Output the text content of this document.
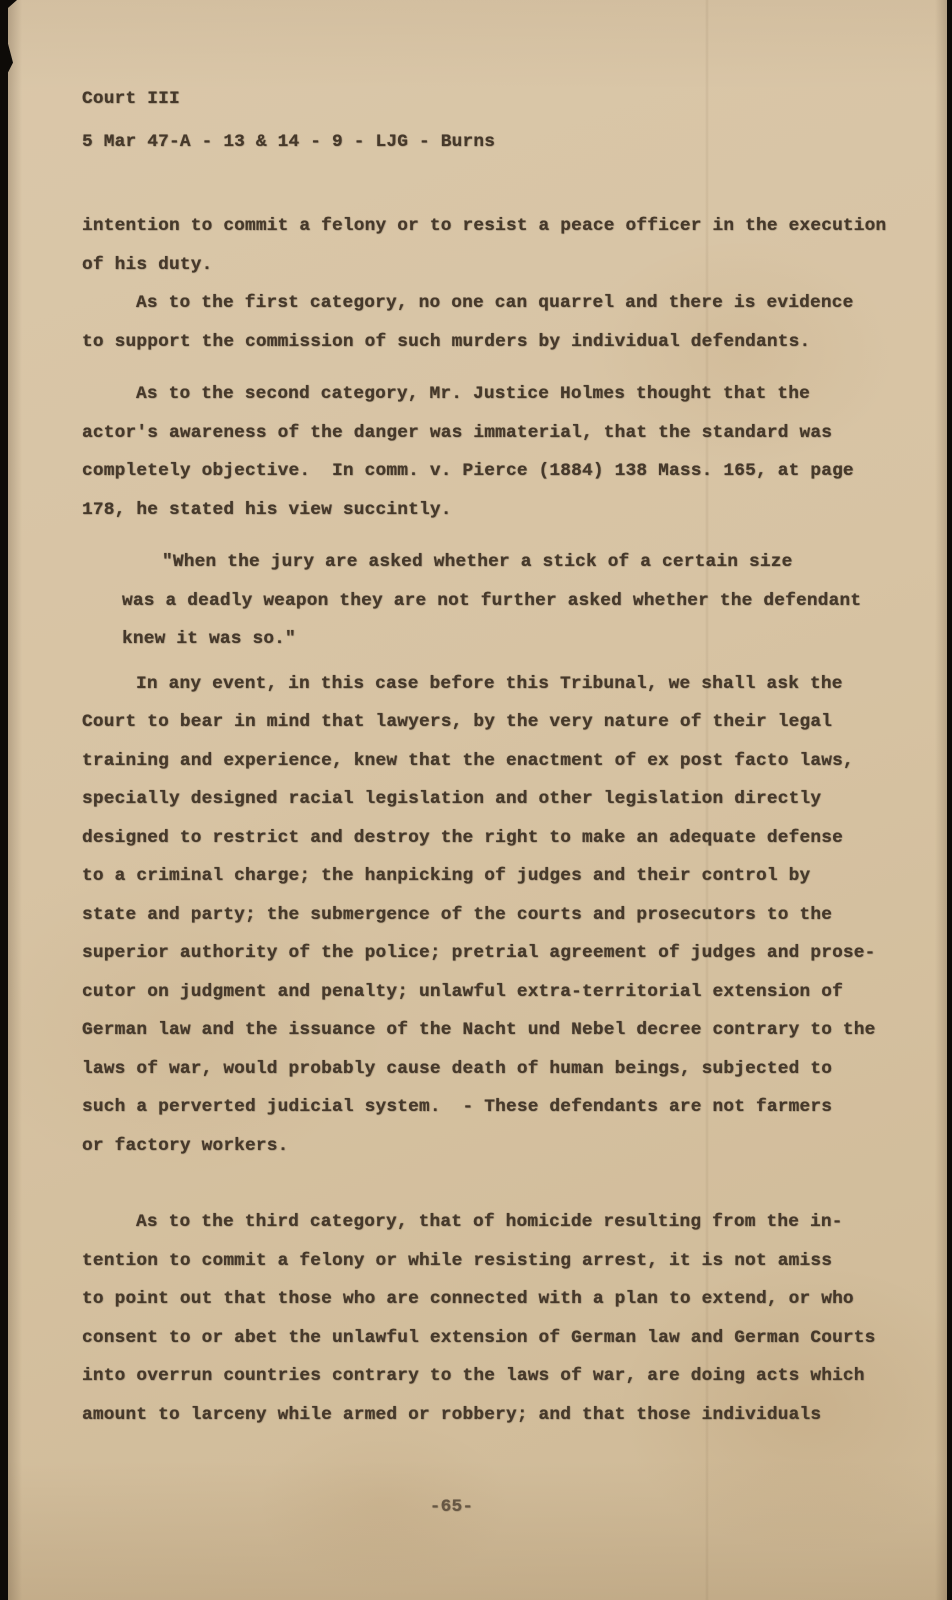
Court III
5 Mar 47-A - 13 & 14 - 9 - LJG - Burns
intention to commit a felony or to resist a peace officer in the execution
of his duty.
As to the first category, no one can quarrel and there is evidence
to support the commission of such murders by individual defendants.
As to the second category, Mr. Justice Holmes thought that the
actor's awareness of the danger was immaterial, that the standard was
completely objective.  In comm. v. Pierce (1884) 138 Mass. 165, at page
178, he stated his view succintly.
"When the jury are asked whether a stick of a certain size
was a deadly weapon they are not further asked whether the defendant
knew it was so."
In any event, in this case before this Tribunal, we shall ask the
Court to bear in mind that lawyers, by the very nature of their legal
training and experience, knew that the enactment of ex post facto laws,
specially designed racial legislation and other legislation directly
designed to restrict and destroy the right to make an adequate defense
to a criminal charge; the hanpicking of judges and their control by
state and party; the submergence of the courts and prosecutors to the
superior authority of the police; pretrial agreement of judges and prose-
cutor on judgment and penalty; unlawful extra-territorial extension of
German law and the issuance of the Nacht und Nebel decree contrary to the
laws of war, would probably cause death of human beings, subjected to
such a perverted judicial system.  - These defendants are not farmers
or factory workers.
As to the third category, that of homicide resulting from the in-
tention to commit a felony or while resisting arrest, it is not amiss
to point out that those who are connected with a plan to extend, or who
consent to or abet the unlawful extension of German law and German Courts
into overrun countries contrary to the laws of war, are doing acts which
amount to larceny while armed or robbery; and that those individuals
-65-
